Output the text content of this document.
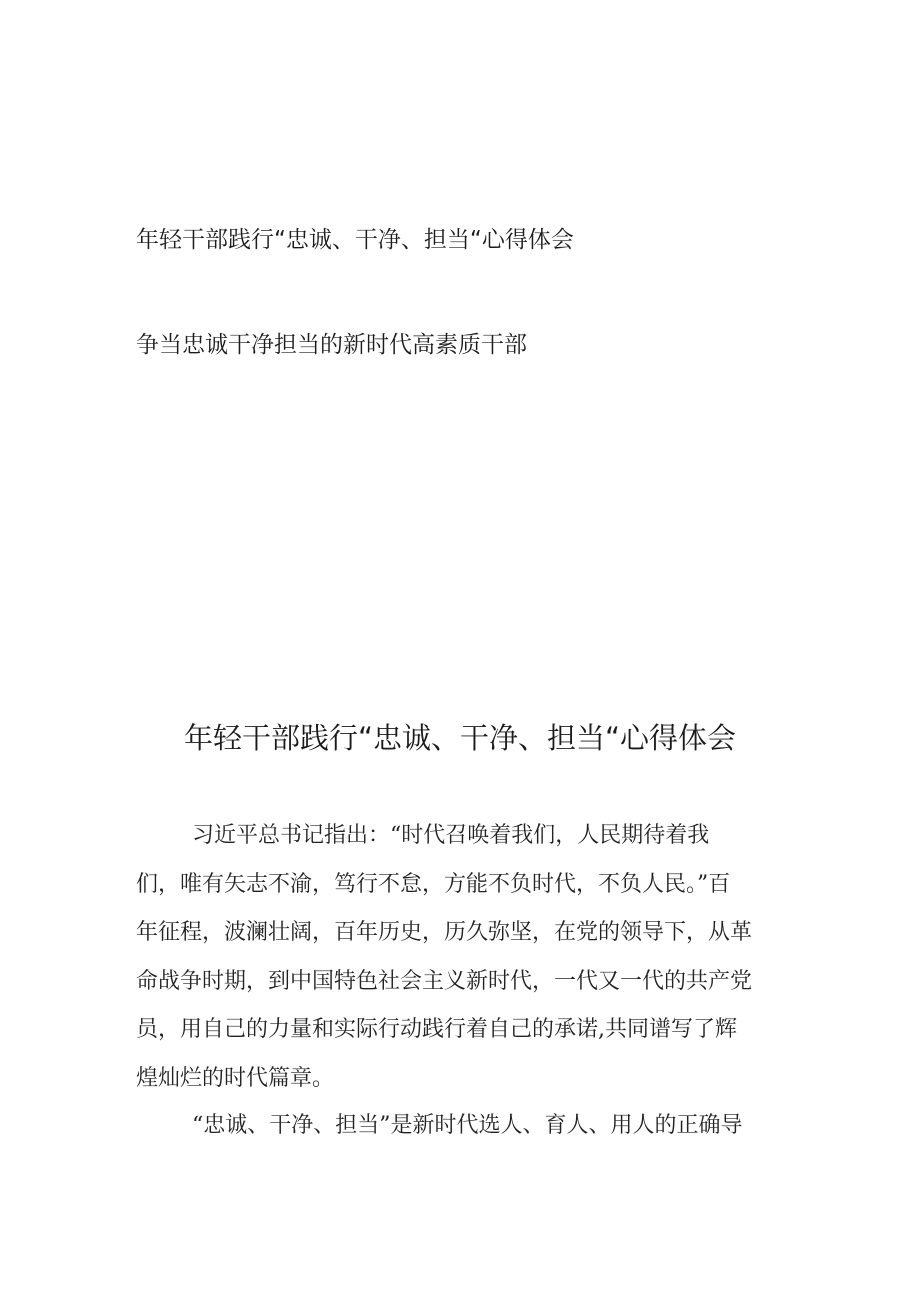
年轻干部践行“忠诚、干净、担当“心得体会
争当忠诚干净担当的新时代高素质干部
年轻干部践行“忠诚、干净、担当“心得体会
习近平总书记指出：“时代召唤着我们，人民期待着我
们，唯有矢志不渝，笃行不怠，方能不负时代，不负人民。”百
年征程，波澜壮阔，百年历史，历久弥坚，在党的领导下，从革
命战争时期，到中国特色社会主义新时代，一代又一代的共产党
员，用自己的力量和实际行动践行着自己的承诺,共同谱写了辉
煌灿烂的时代篇章。
“忠诚、干净、担当”是新时代选人、育人、用人的正确导
